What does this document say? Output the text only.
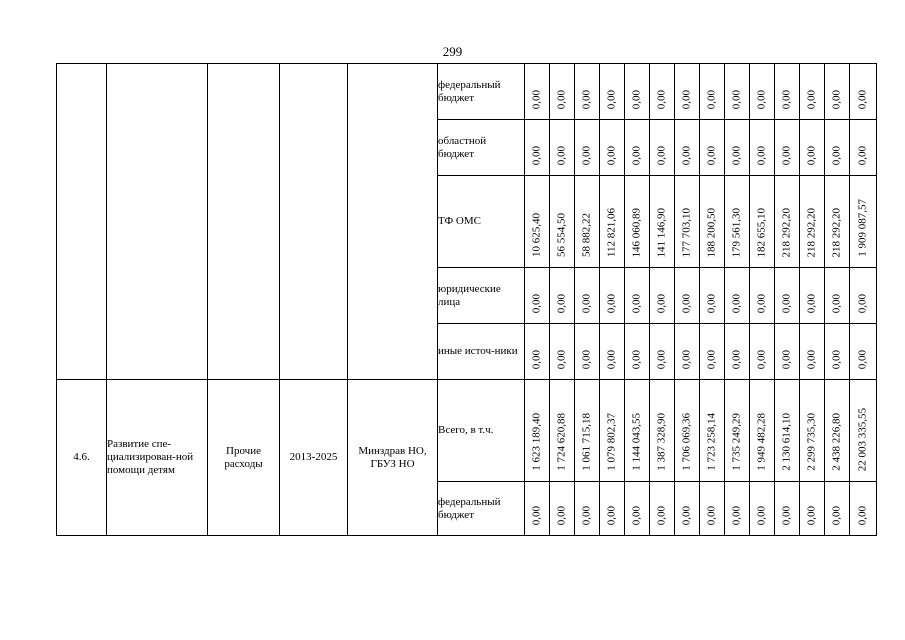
299
					федеральный бюджет	0,00	0,00	0,00	0,00	0,00	0,00	0,00	0,00	0,00	0,00	0,00	0,00	0,00	0,00

					областной бюджет	0,00	0,00	0,00	0,00	0,00	0,00	0,00	0,00	0,00	0,00	0,00	0,00	0,00	0,00

					ТФ ОМС	10 625,40	56 554,50	58 882,22	112 821,06	146 060,89	141 146,90	177 703,10	188 200,50	179 561,30	182 655,10	218 292,20	218 292,20	218 292,20	1 909 087,57

					юридические лица	0,00	0,00	0,00	0,00	0,00	0,00	0,00	0,00	0,00	0,00	0,00	0,00	0,00	0,00

					иные источ-ники	0,00	0,00	0,00	0,00	0,00	0,00	0,00	0,00	0,00	0,00	0,00	0,00	0,00	0,00

4.6.	Развитие спе-циализирован-ной помощи детям	Прочие расходы	2013-2025	Минздрав НО, ГБУЗ НО	Всего, в т.ч.	1 623 189,40	1 724 620,88	1 061 715,18	1 079 802,37	1 144 043,55	1 387 328,90	1 706 069,36	1 723 258,14	1 735 249,29	1 949 482,28	2 130 614,10	2 299 735,30	2 438 226,80	22 003 335,55

					федеральный бюджет	0,00	0,00	0,00	0,00	0,00	0,00	0,00	0,00	0,00	0,00	0,00	0,00	0,00	0,00
